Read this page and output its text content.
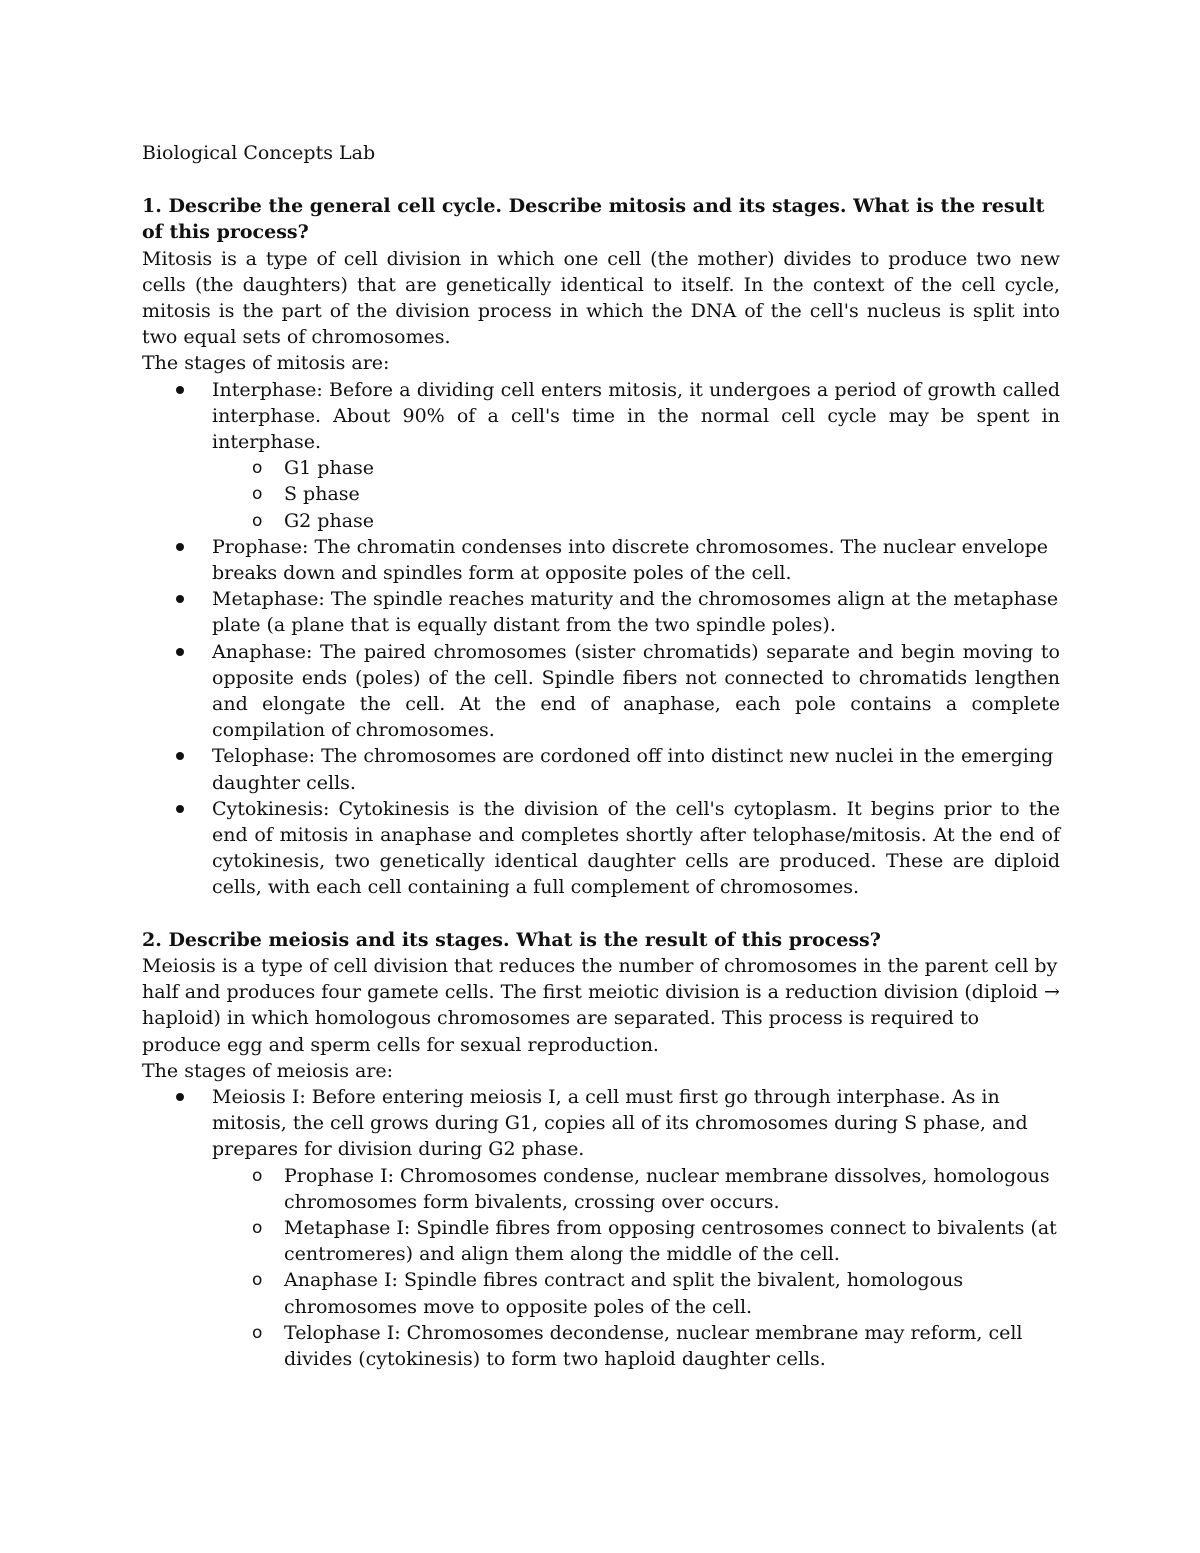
Biological Concepts Lab

1. Describe the general cell cycle. Describe mitosis and its stages. What is the result of this process?

Mitosis is a type of cell division in which one cell (the mother) divides to produce two new cells (the daughters) that are genetically identical to itself. In the context of the cell cycle, mitosis is the part of the division process in which the DNA of the cell's nucleus is split into two equal sets of chromosomes.

The stages of mitosis are:

Interphase: Before a dividing cell enters mitosis, it undergoes a period of growth called interphase. About 90% of a cell's time in the normal cell cycle may be spent in interphase.
o G1 phase
o S phase
o G2 phase
Prophase: The chromatin condenses into discrete chromosomes. The nuclear envelope breaks down and spindles form at opposite poles of the cell.
Metaphase: The spindle reaches maturity and the chromosomes align at the metaphase plate (a plane that is equally distant from the two spindle poles).
Anaphase: The paired chromosomes (sister chromatids) separate and begin moving to opposite ends (poles) of the cell. Spindle fibers not connected to chromatids lengthen and elongate the cell. At the end of anaphase, each pole contains a complete compilation of chromosomes.
Telophase: The chromosomes are cordoned off into distinct new nuclei in the emerging daughter cells.
Cytokinesis: Cytokinesis is the division of the cell's cytoplasm. It begins prior to the end of mitosis in anaphase and completes shortly after telophase/mitosis. At the end of cytokinesis, two genetically identical daughter cells are produced. These are diploid cells, with each cell containing a full complement of chromosomes.

2. Describe meiosis and its stages. What is the result of this process?

Meiosis is a type of cell division that reduces the number of chromosomes in the parent cell by half and produces four gamete cells. The first meiotic division is a reduction division (diploid → haploid) in which homologous chromosomes are separated. This process is required to produce egg and sperm cells for sexual reproduction.

The stages of meiosis are:

Meiosis I: Before entering meiosis I, a cell must first go through interphase. As in mitosis, the cell grows during G1, copies all of its chromosomes during S phase, and prepares for division during G2 phase.
o Prophase I: Chromosomes condense, nuclear membrane dissolves, homologous chromosomes form bivalents, crossing over occurs.
o Metaphase I: Spindle fibres from opposing centrosomes connect to bivalents (at centromeres) and align them along the middle of the cell.
o Anaphase I: Spindle fibres contract and split the bivalent, homologous chromosomes move to opposite poles of the cell.
o Telophase I: Chromosomes decondense, nuclear membrane may reform, cell divides (cytokinesis) to form two haploid daughter cells.
